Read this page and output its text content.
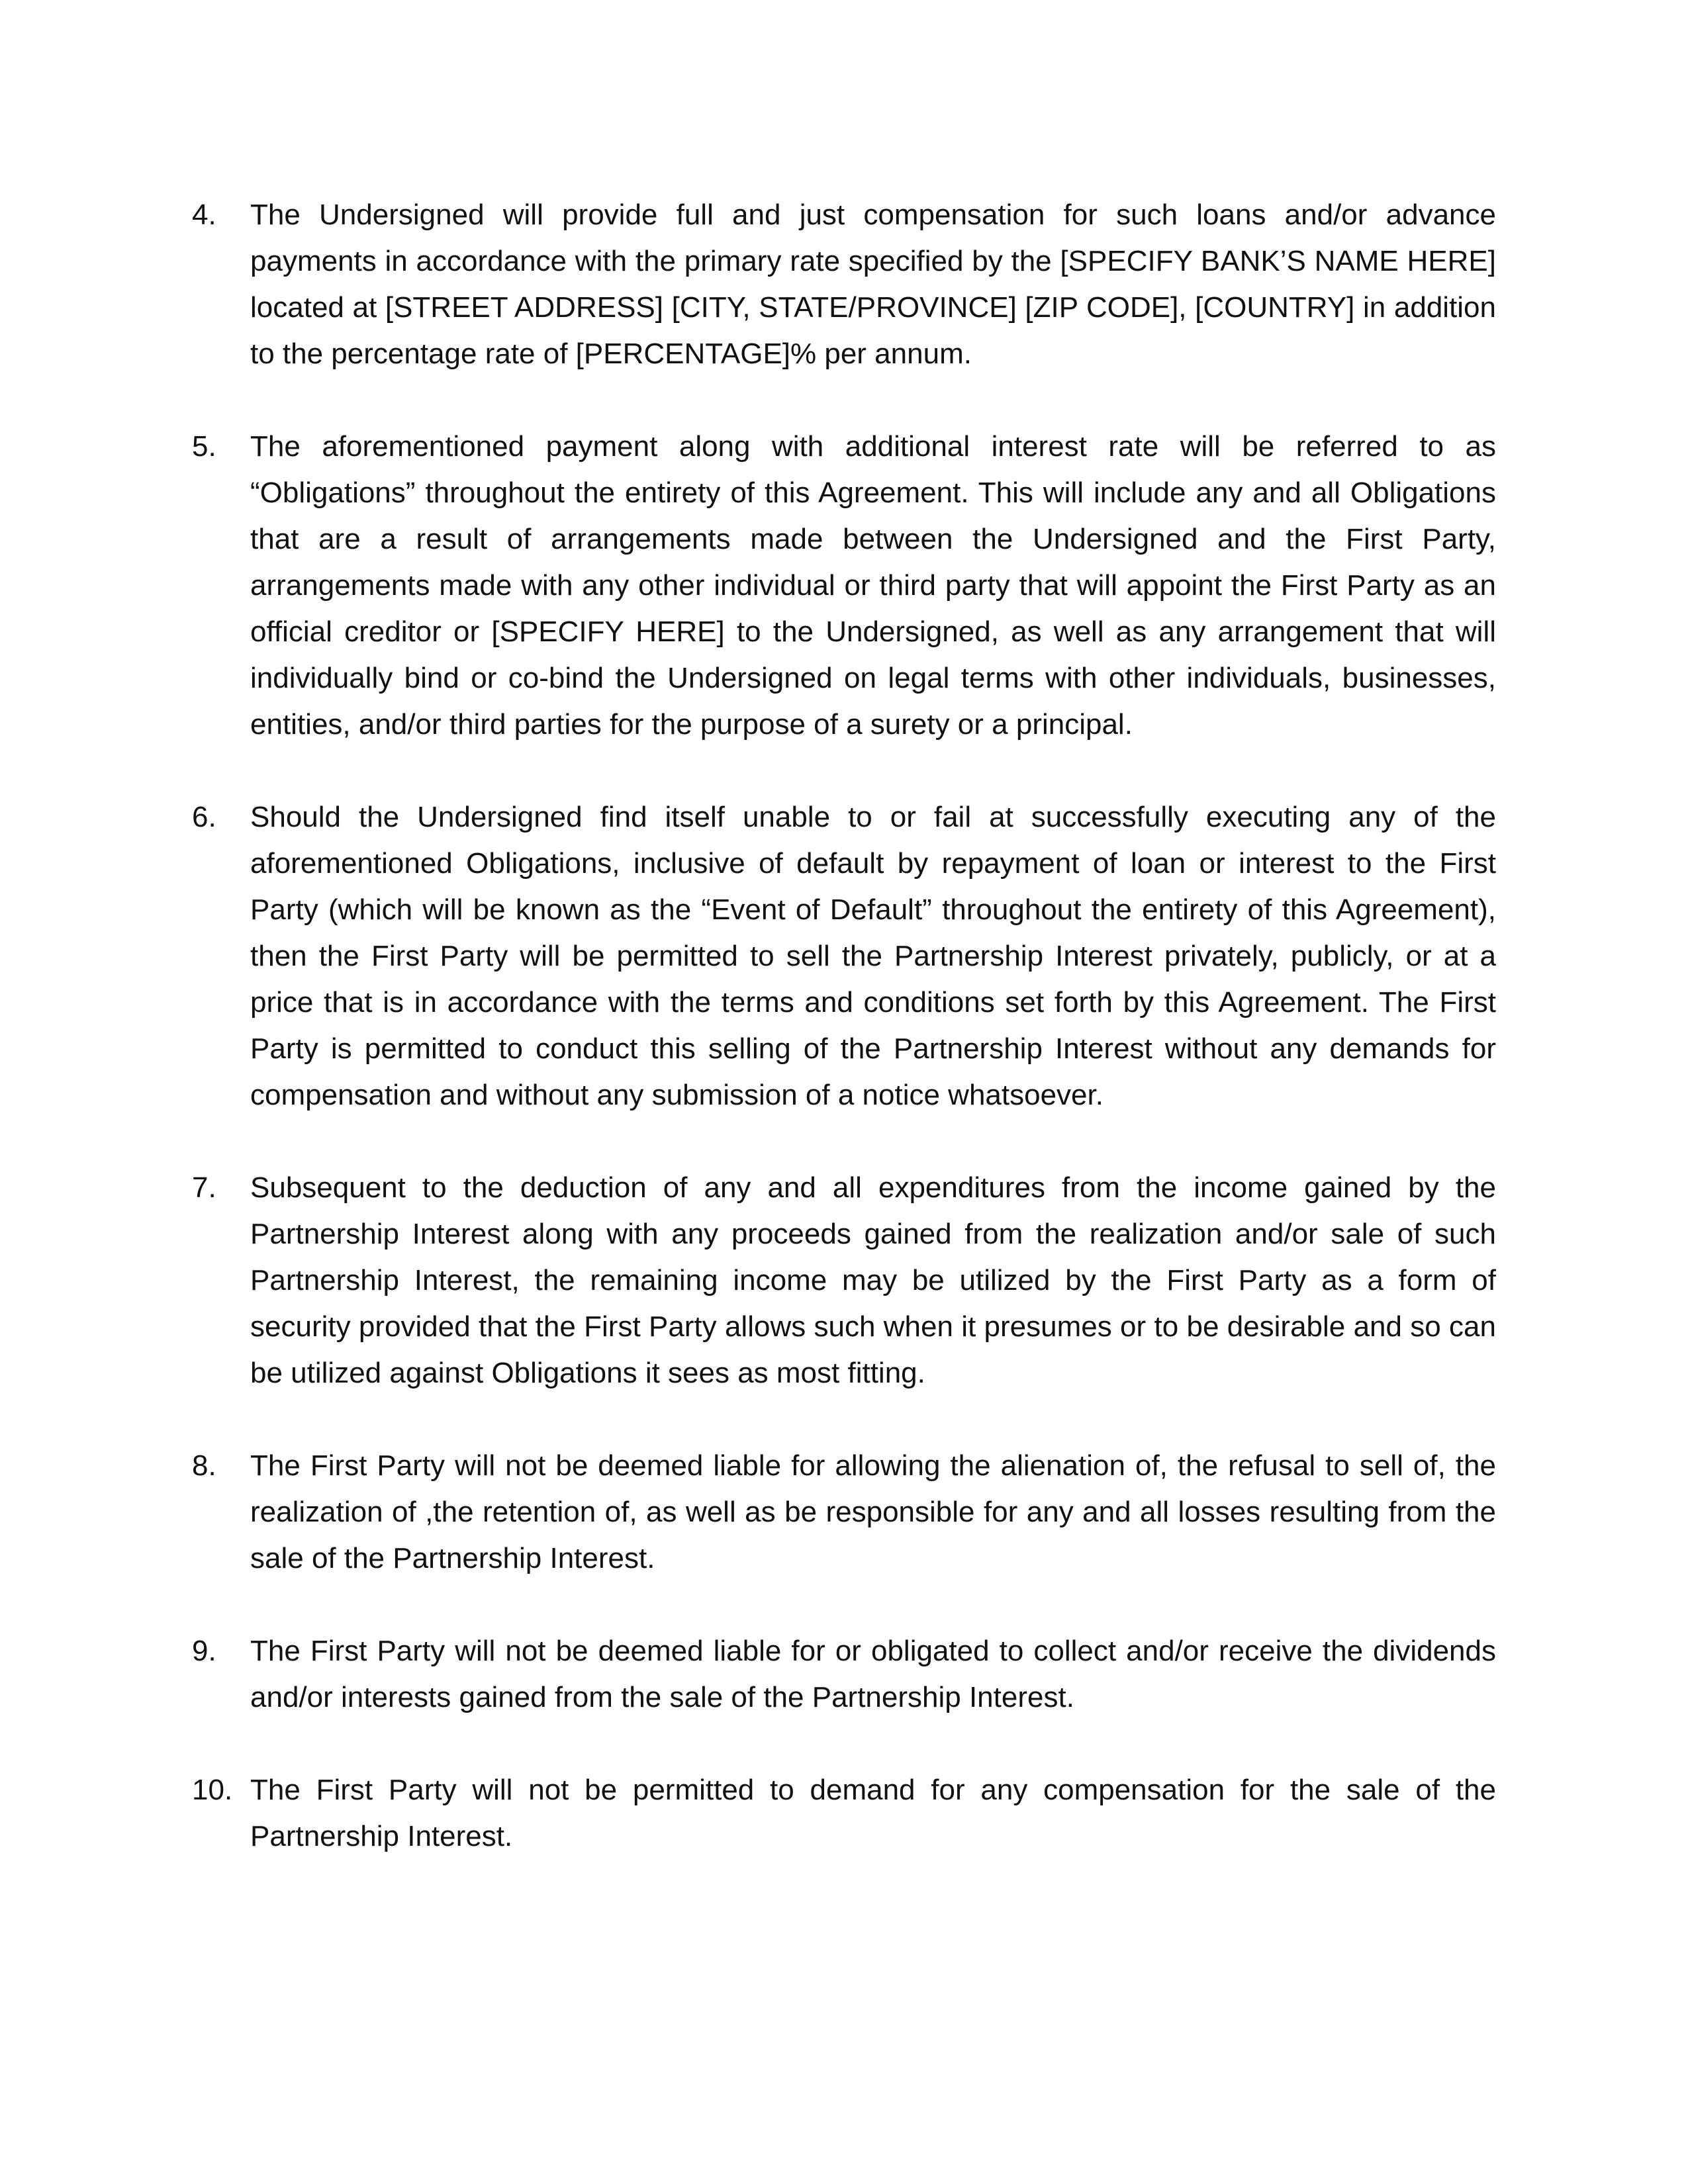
4.	The Undersigned will provide full and just compensation for such loans and/or advance payments in accordance with the primary rate specified by the [SPECIFY BANK’S NAME HERE] located at [STREET ADDRESS] [CITY, STATE/PROVINCE] [ZIP CODE], [COUNTRY] in addition to the percentage rate of [PERCENTAGE]% per annum.
5.	The aforementioned payment along with additional interest rate will be referred to as “Obligations” throughout the entirety of this Agreement. This will include any and all Obligations that are a result of arrangements made between the Undersigned and the First Party, arrangements made with any other individual or third party that will appoint the First Party as an official creditor or [SPECIFY HERE] to the Undersigned, as well as any arrangement that will individually bind or co-bind the Undersigned on legal terms with other individuals, businesses, entities, and/or third parties for the purpose of a surety or a principal.
6.	Should the Undersigned find itself unable to or fail at successfully executing any of the aforementioned Obligations, inclusive of default by repayment of loan or interest to the First Party (which will be known as the “Event of Default” throughout the entirety of this Agreement), then the First Party will be permitted to sell the Partnership Interest privately, publicly, or at a price that is in accordance with the terms and conditions set forth by this Agreement. The First Party is permitted to conduct this selling of the Partnership Interest without any demands for compensation and without any submission of a notice whatsoever.
7.	Subsequent to the deduction of any and all expenditures from the income gained by the Partnership Interest along with any proceeds gained from the realization and/or sale of such Partnership Interest, the remaining income may be utilized by the First Party as a form of security provided that the First Party allows such when it presumes or to be desirable and so can be utilized against Obligations it sees as most fitting.
8.	The First Party will not be deemed liable for allowing the alienation of, the refusal to sell of, the realization of ,the retention of, as well as be responsible for any and all losses resulting from the sale of the Partnership Interest.
9.	The First Party will not be deemed liable for or obligated to collect and/or receive the dividends and/or interests gained from the sale of the Partnership Interest.
10. The First Party will not be permitted to demand for any compensation for the sale of the Partnership Interest.
